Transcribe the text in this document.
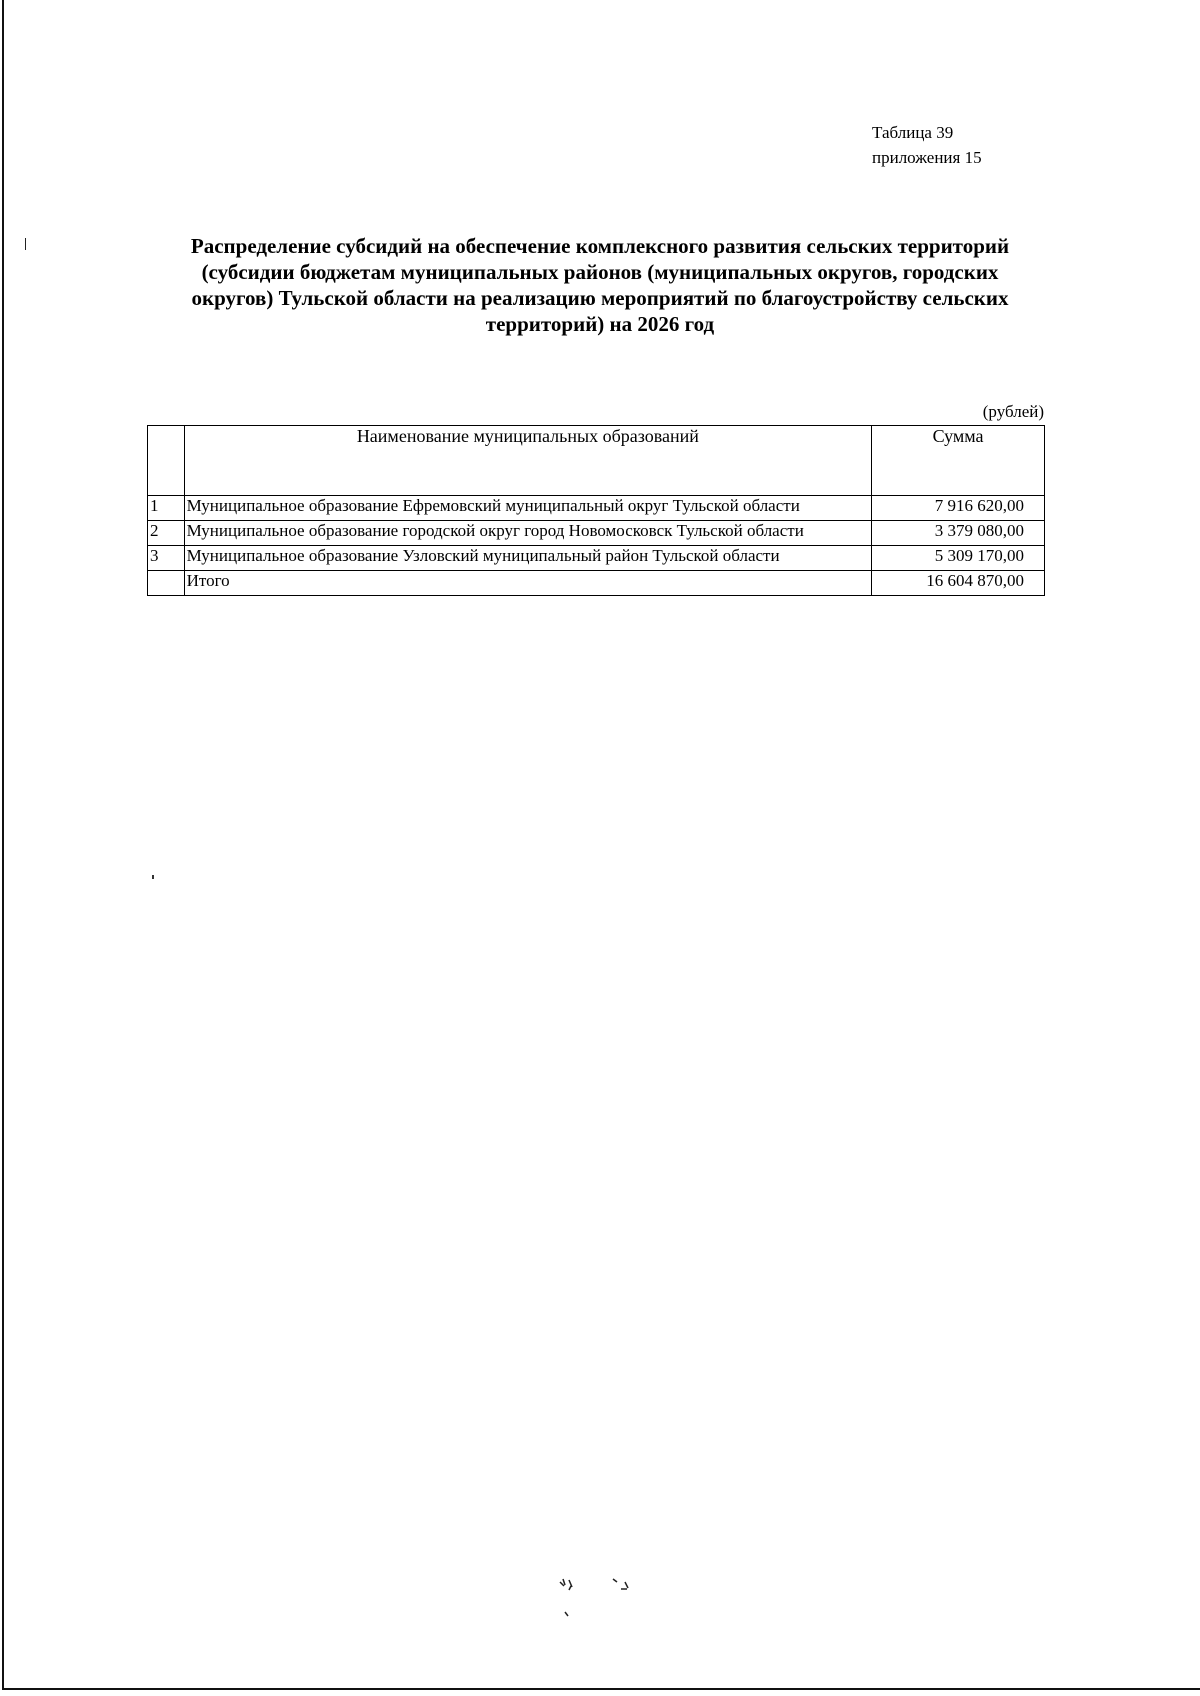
Таблица 39
приложения 15
Распределение субсидий на обеспечение комплексного развития сельских территорий (субсидии бюджетам муниципальных районов (муниципальных округов, городских округов) Тульской области на реализацию мероприятий по благоустройству сельских территорий) на 2026 год
(рублей)
	Наименование муниципальных образований	Сумма
1	Муниципальное образование Ефремовский муниципальный округ Тульской области	7 916 620,00
2	Муниципальное образование городской округ город Новомосковск Тульской области	3 379 080,00
3	Муниципальное образование Узловский муниципальный район Тульской области	5 309 170,00
	Итого	16 604 870,00
